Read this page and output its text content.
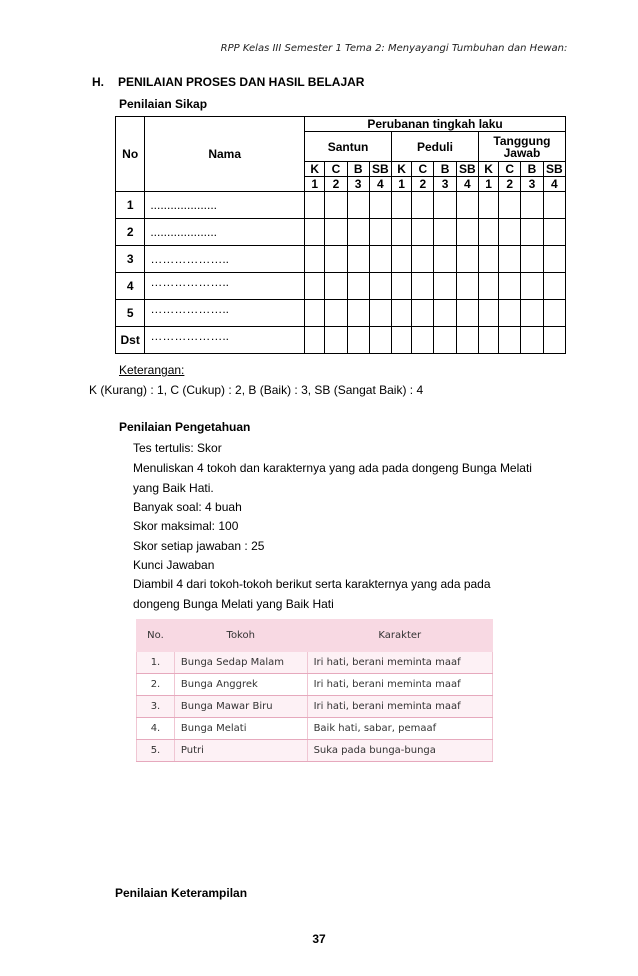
RPP Kelas III Semester 1 Tema 2: Menyayangi Tumbuhan dan Hewan:
H. PENILAIAN PROSES DAN HASIL BELAJAR
Penilaian Sikap
No	Nama	Perubanan tingkah laku											
		Santun				Peduli				Tanggung Jawab			
		K	C	B	SB	K	C	B	SB	K	C	B	SB
		1	2	3	4	1	2	3	4	1	2	3	4
1	....................												
2	....................												
3	………………..												
4	………………..												
5	………………..												
Dst	………………..												
Keterangan:
K (Kurang) : 1, C (Cukup) : 2, B (Baik) : 3, SB (Sangat Baik) : 4
Penilaian Pengetahuan
Tes tertulis: Skor
Menuliskan 4 tokoh dan karakternya yang ada pada dongeng Bunga Melati
yang Baik Hati.
Banyak soal: 4 buah
Skor maksimal: 100
Skor setiap jawaban : 25
Kunci Jawaban
Diambil 4 dari tokoh-tokoh berikut serta karakternya yang ada pada
dongeng Bunga Melati yang Baik Hati
No.	Tokoh	Karakter
1.	Bunga Sedap Malam	Iri hati, berani meminta maaf
2.	Bunga Anggrek	Iri hati, berani meminta maaf
3.	Bunga Mawar Biru	Iri hati, berani meminta maaf
4.	Bunga Melati	Baik hati, sabar, pemaaf
5.	Putri	Suka pada bunga-bunga
Penilaian Keterampilan
37
